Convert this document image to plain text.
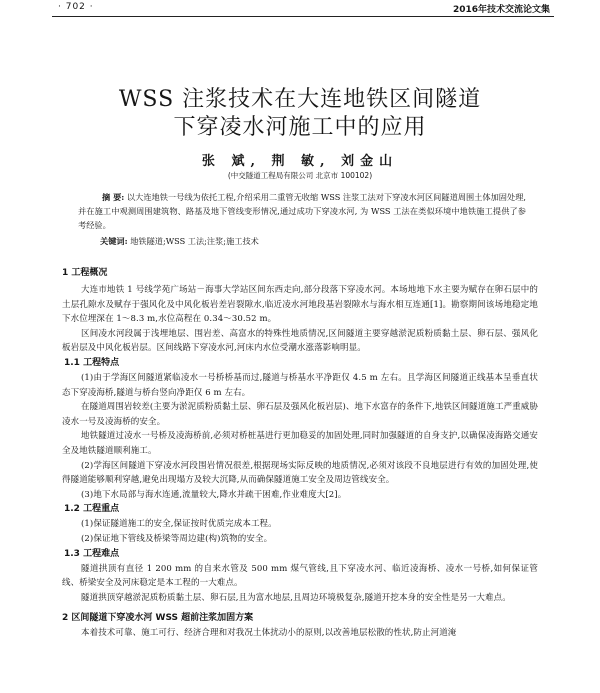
· 702 ·	2016年技术交流论文集
WSS 注浆技术在大连地铁区间隧道
下穿凌水河施工中的应用
张 斌, 荆 敏, 刘金山
(中交隧道工程局有限公司 北京市 100102)
摘 要: 以大连地铁一号线为依托工程,介绍采用二重管无收缩 WSS 注浆工法对下穿凌水河区间隧道周围土体加固处理,并在施工中观测周围建筑物、路基及地下管线变形情况,通过成功下穿凌水河, 为 WSS 工法在类似环境中地铁施工提供了参考经验。
关键词: 地铁隧道;WSS 工法;注浆;施工技术
1 工程概况

大连市地铁 1 号线学苑广场站－海事大学站区间东西走向,部分段落下穿凌水河。本场地地下水主要为赋存在卵石层中的土层孔隙水及赋存于强风化及中风化板岩差岩裂隙水,临近凌水河地段基岩裂隙水与海水相互连通[1]。勘察期间该场地稳定地下水位埋深在 1～8.3 m,水位高程在 0.34～30.52 m。

区间凌水河段属于浅埋地层、围岩差、高富水的特殊性地质情况,区间隧道主要穿越淤泥质粉质黏土层、卵石层、强风化板岩层及中风化板岩层。区间线路下穿凌水河,河床内水位受潮水涨落影响明显。

1.1 工程特点

(1)由于学海区间隧道紧临凌水一号桥桥基而过,隧道与桥基水平净距仅 4.5 m 左右。且学海区间隧道正线基本呈垂直状态下穿凌海桥,隧道与桥台竖向净距仅 6 m 左右。

在隧道周围岩较差(主要为淤泥质粉质黏土层、卵石层及强风化板岩层)、地下水富存的条件下,地铁区间隧道施工严重威胁凌水一号及凌海桥的安全。

地铁隧道过凌水一号桥及凌海桥前,必须对桥桩基进行更加稳妥的加固处理,同时加强隧道的自身支护,以确保凌海路交通安全及地铁隧道顺利施工。

(2)学海区间隧道下穿凌水河段围岩情况很差,根据现场实际反映的地质情况,必须对该段不良地层进行有效的加固处理,使得隧道能够顺利穿越,避免出现塌方及较大沉降,从而确保隧道施工安全及周边管线安全。

(3)地下水局部与海水连通,流量较大,降水并疏干困难,作业难度大[2]。

1.2 工程重点

(1)保证隧道施工的安全,保证按时优质完成本工程。

(2)保证地下管线及桥梁等周边建(构)筑物的安全。

1.3 工程难点

隧道拱顶有直径 1 200 mm 的自来水管及 500 mm 煤气管线,且下穿凌水河、临近凌海桥、凌水一号桥,如何保证管线、桥梁安全及河床稳定是本工程的一大难点。

隧道拱顶穿越淤泥质粉质黏土层、卵石层,且为富水地层,且周边环境极复杂,隧道开挖本身的安全性是另一大难点。

2 区间隧道下穿凌水河 WSS 超前注浆加固方案

本着技术可靠、施工可行、经济合理和对我况土体扰动小的原则,以改善地层松散的性状,防止河道淹
